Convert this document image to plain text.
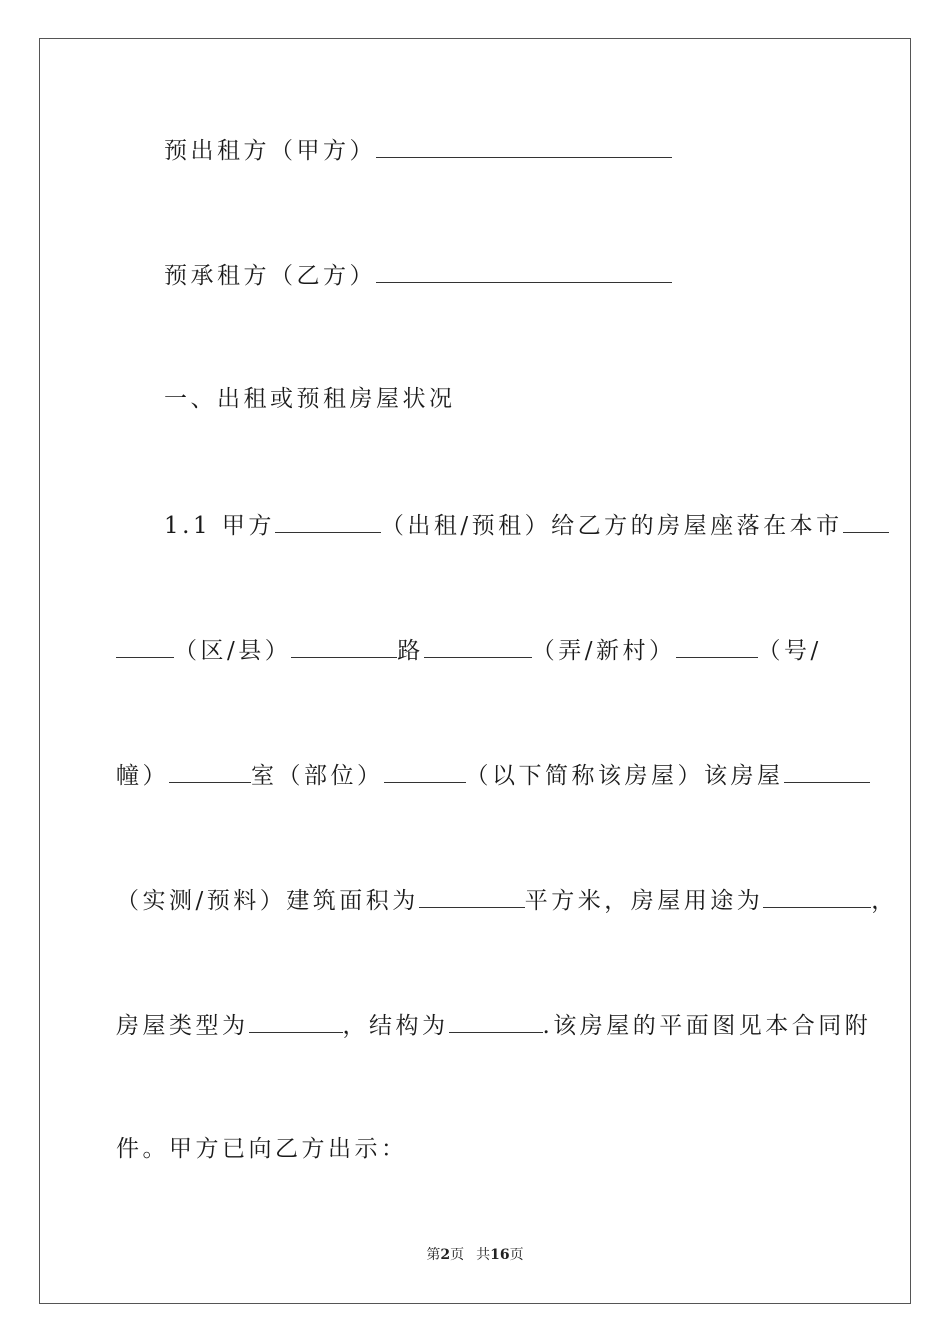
预出租方（甲方）
预承租方（乙方）
一、出租或预租房屋状况
1.1 甲方	（出租/预租）给乙方的房屋座落在本市
（区/县）	路	（弄/新村）	（号/
幢）	室（部位）	（以下简称该房屋）该房屋
（实测/预料）建筑面积为	平方米，房屋用途为	，
房屋类型为	，结构为	.该房屋的平面图见本合同附
件。甲方已向乙方出示：
第2页 共16页
